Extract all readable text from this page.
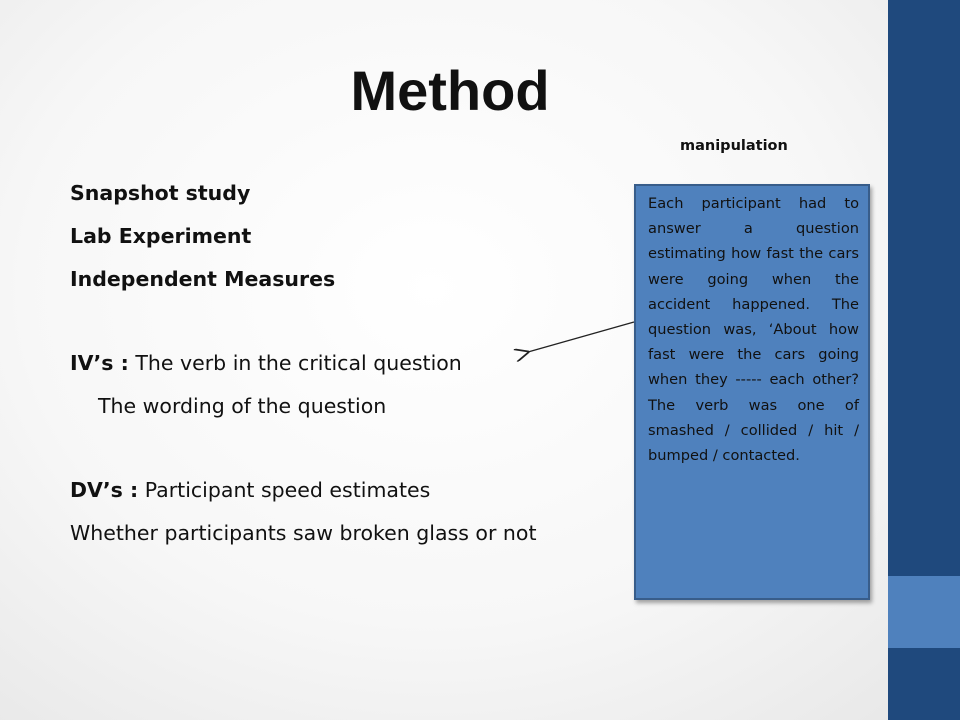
Method
manipulation
Snapshot study
Lab Experiment
Independent Measures
IV’s : The verb in the critical question
The wording of the question
DV’s : Participant speed estimates
Whether participants saw broken glass or not
Each participant had to answer a question estimating how fast the cars were going when the accident happened. The question was, ‘About how fast were the cars going when they ----- each other? The verb was one of smashed / collided / hit / bumped / contacted.
